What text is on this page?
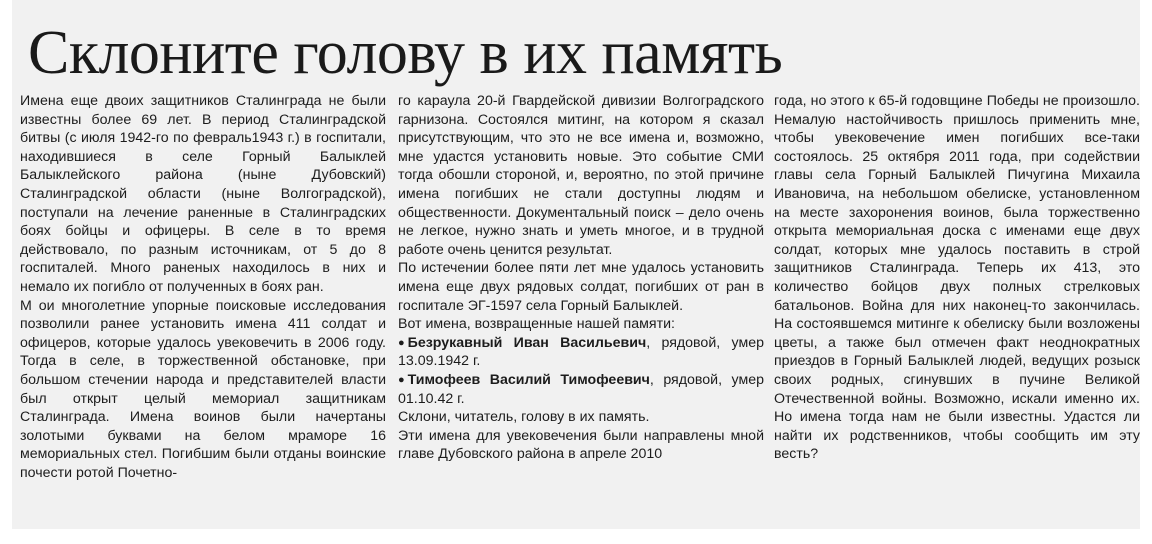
Склоните голову в их память

Имена еще двоих защитников Сталинграда не были известны более 69 лет. В период Сталинградской битвы (с июля 1942-го по февраль1943 г.) в госпитали, находившиеся в селе Горный Балыклей Балыклейского района (ныне Дубовский) Сталинградской области (ныне Волгоградской), поступали на лечение раненные в Сталинградских боях бойцы и офицеры. В селе в то время действовало, по разным источникам, от 5 до 8 госпиталей. Много раненых находилось в них и немало их погибло от полученных в боях ран.

М ои многолетние упорные поисковые исследования позволили ранее установить имена 411 солдат и офицеров, которые удалось увековечить в 2006 году. Тогда в селе, в торжественной обстановке, при большом стечении народа и представителей власти был открыт целый мемориал защитникам Сталинграда. Имена воинов были начертаны золотыми буквами на белом мраморе 16 мемориальных стел. Погибшим были отданы воинские почести ротой Почетно-

го караула 20-й Гвардейской дивизии Волгоградского гарнизона. Состоялся митинг, на котором я сказал присутствующим, что это не все имена и, возможно, мне удастся установить новые. Это событие СМИ тогда обошли стороной, и, вероятно, по этой причине имена погибших не стали доступны людям и общественности. Документальный поиск – дело очень не легкое, нужно знать и уметь многое, и в трудной работе очень ценится результат.

По истечении более пяти лет мне удалось установить имена еще двух рядовых солдат, погибших от ран в госпитале ЭГ-1597 села Горный Балыклей.

Вот имена, возвращенные нашей памяти:

● Безрукавный Иван Васильевич, рядовой, умер 13.09.1942 г.

● Тимофеев Василий Тимофеевич, рядовой, умер 01.10.42 г.

Склони, читатель, голову в их память.

Эти имена для увековечения были направлены мной главе Дубовского района в апреле 2010

года, но этого к 65-й годовщине Победы не произошло. Немалую настойчивость пришлось применить мне, чтобы увековечение имен погибших все-таки состоялось. 25 октября 2011 года, при содействии главы села Горный Балыклей Пичугина Михаила Ивановича, на небольшом обелиске, установленном на месте захоронения воинов, была торжественно открыта мемориальная доска с именами еще двух солдат, которых мне удалось поставить в строй защитников Сталинграда. Теперь их 413, это количество бойцов двух полных стрелковых батальонов. Война для них наконец-то закончилась. На состоявшемся митинге к обелиску были возложены цветы, а также был отмечен факт неоднократных приездов в Горный Балыклей людей, ведущих розыск своих родных, сгинувших в пучине Великой Отечественной войны. Возможно, искали именно их. Но имена тогда нам не были известны. Удастся ли найти их родственников, чтобы сообщить им эту весть?
